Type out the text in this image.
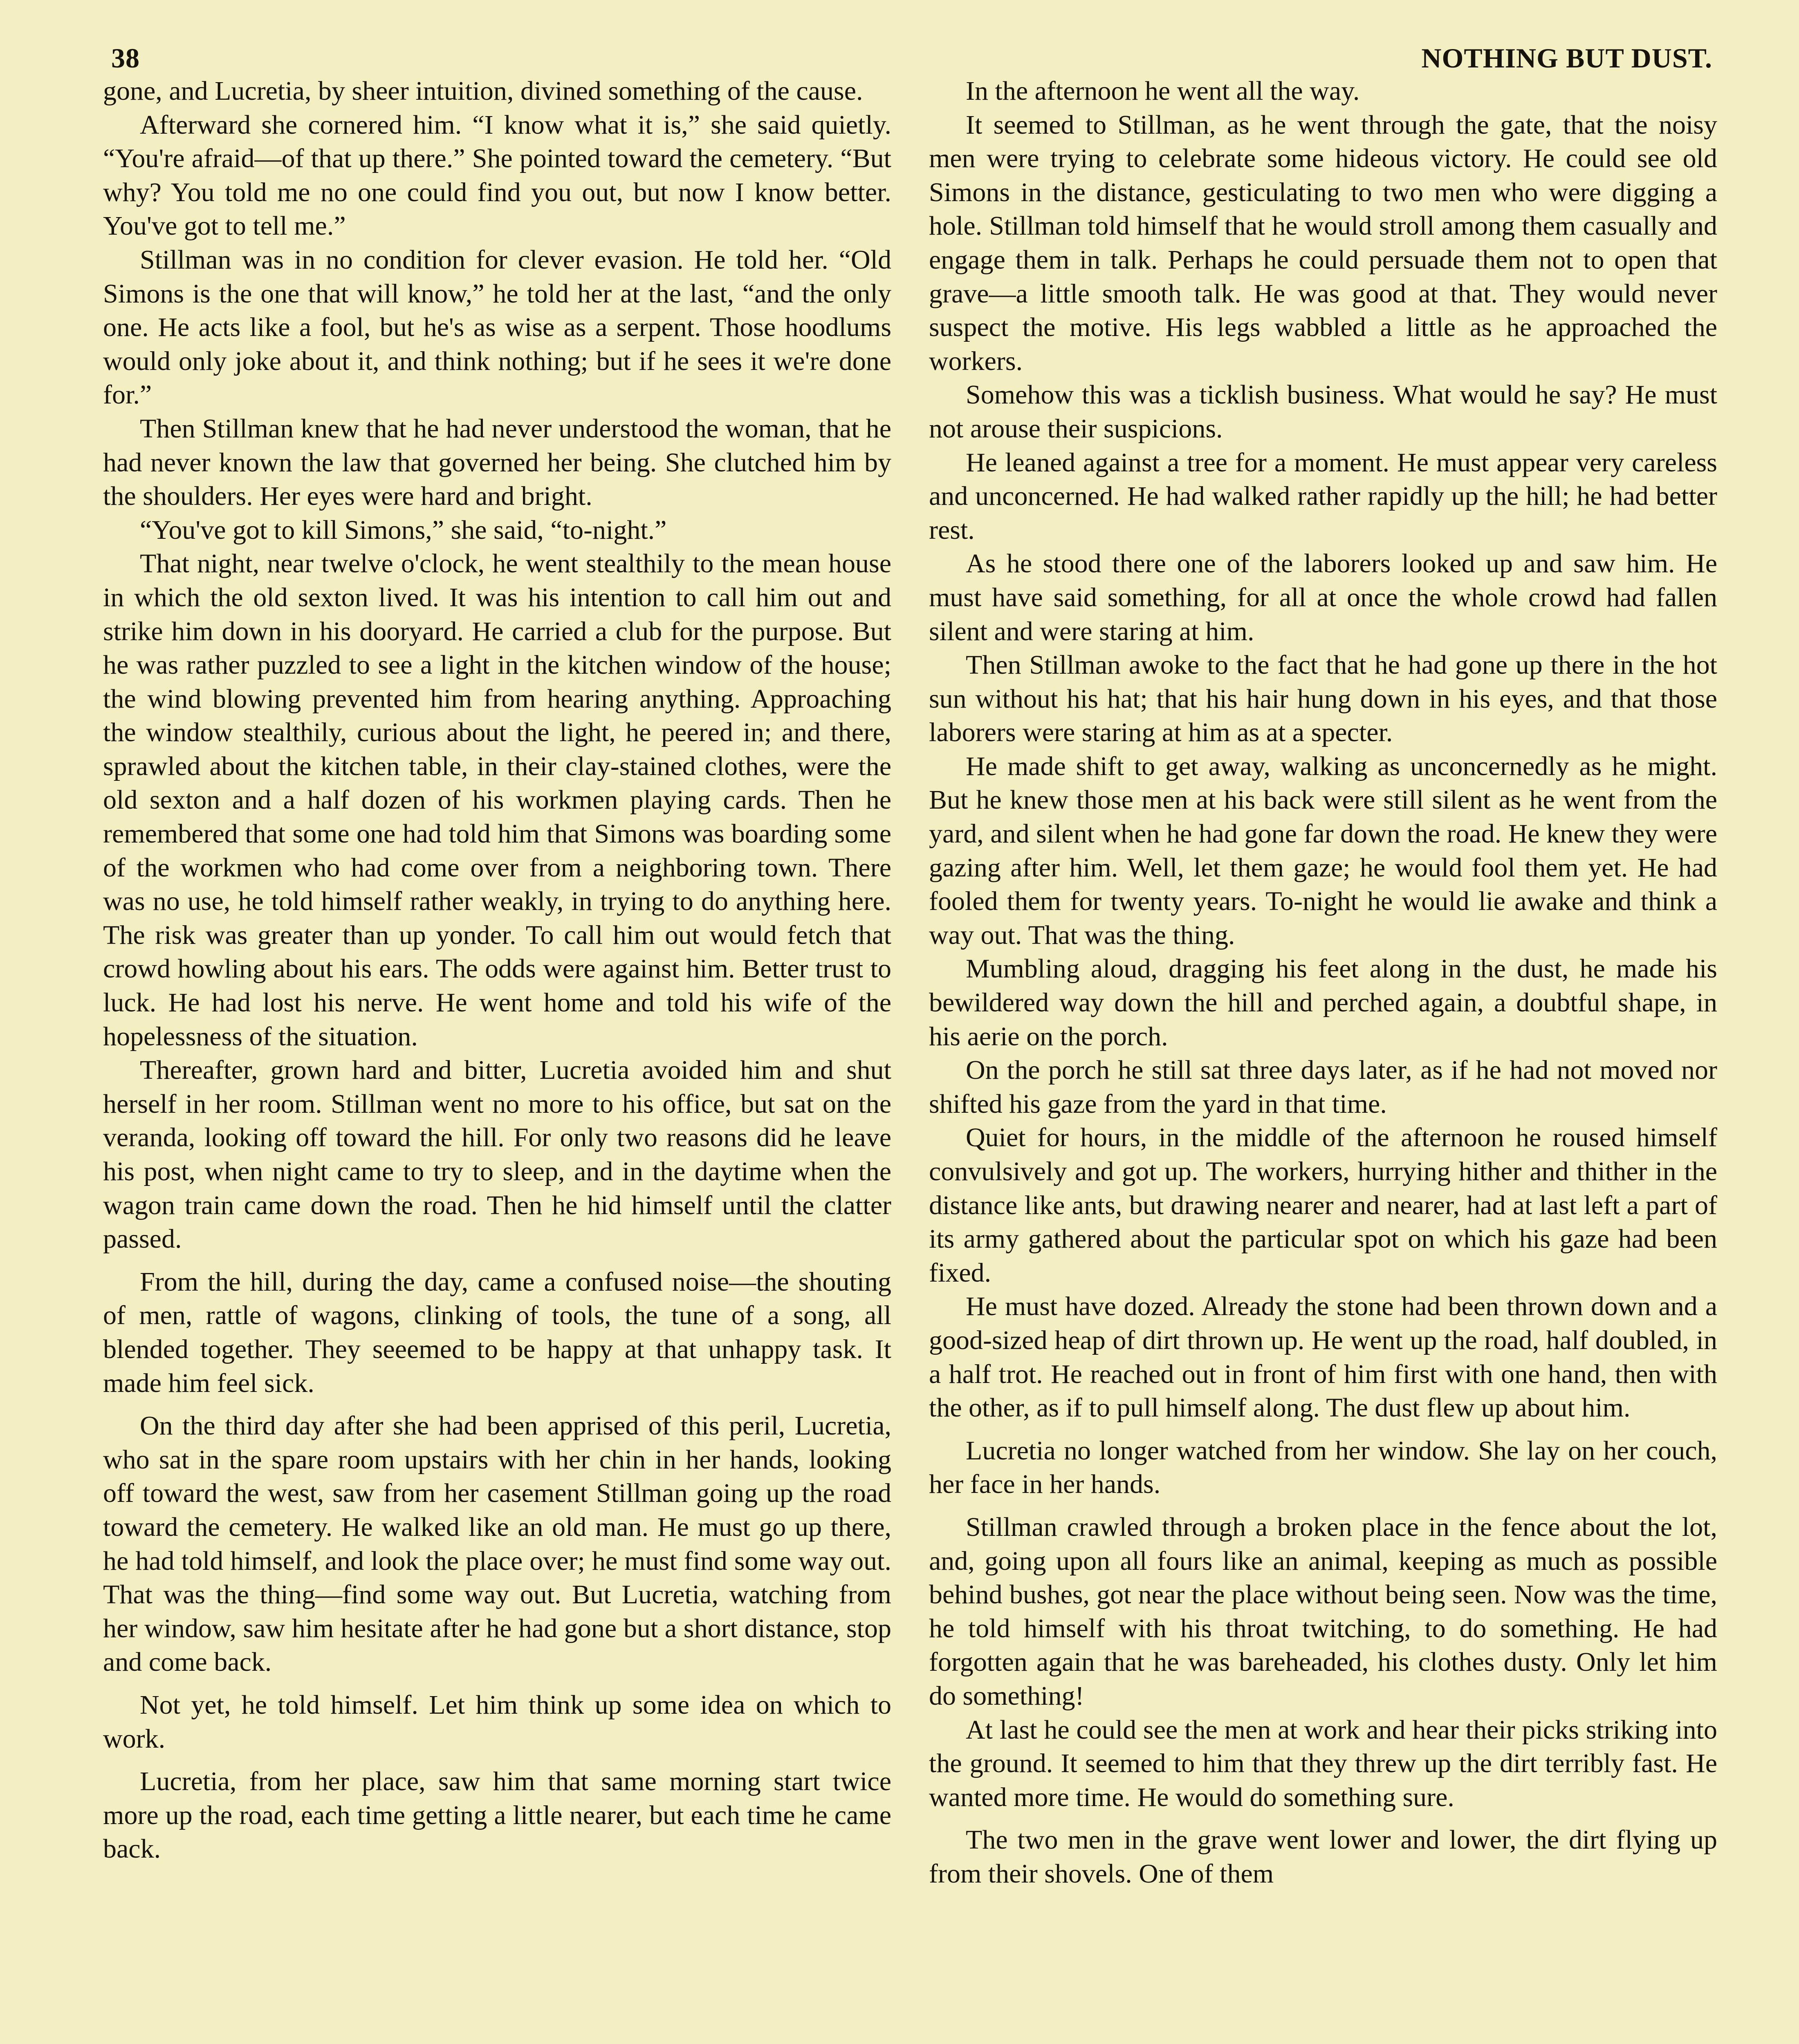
38	NOTHING BUT DUST.

gone, and Lucretia, by sheer intuition, divined something of the cause.

Afterward she cornered him. “I know what it is,” she said quietly. “You're afraid—of that up there.” She pointed toward the cemetery. “But why? You told me no one could find you out, but now I know better. You've got to tell me.”

Stillman was in no condition for clever evasion. He told her. “Old Simons is the one that will know,” he told her at the last, “and the only one. He acts like a fool, but he's as wise as a serpent. Those hoodlums would only joke about it, and think nothing; but if he sees it we're done for.”

Then Stillman knew that he had never understood the woman, that he had never known the law that governed her being. She clutched him by the shoulders. Her eyes were hard and bright.

“You've got to kill Simons,” she said, “to-night.”

That night, near twelve o'clock, he went stealthily to the mean house in which the old sexton lived. It was his intention to call him out and strike him down in his dooryard. He carried a club for the purpose. But he was rather puzzled to see a light in the kitchen window of the house; the wind blowing prevented him from hearing anything. Approaching the window stealthily, curious about the light, he peered in; and there, sprawled about the kitchen table, in their clay-stained clothes, were the old sexton and a half dozen of his workmen playing cards. Then he remembered that some one had told him that Simons was boarding some of the workmen who had come over from a neighboring town. There was no use, he told himself rather weakly, in trying to do anything here. The risk was greater than up yonder. To call him out would fetch that crowd howling about his ears. The odds were against him. Better trust to luck. He had lost his nerve. He went home and told his wife of the hopelessness of the situation.

Thereafter, grown hard and bitter, Lucretia avoided him and shut herself in her room. Stillman went no more to his office, but sat on the veranda, looking off toward the hill. For only two reasons did he leave his post, when night came to try to sleep, and in the daytime when the wagon train came down the road. Then he hid himself until the clatter passed.

From the hill, during the day, came a confused noise—the shouting of men, rattle of wagons, clinking of tools, the tune of a song, all blended together. They seeemed to be happy at that unhappy task. It made him feel sick.

On the third day after she had been apprised of this peril, Lucretia, who sat in the spare room upstairs with her chin in her hands, looking off toward the west, saw from her casement Stillman going up the road toward the cemetery. He walked like an old man. He must go up there, he had told himself, and look the place over; he must find some way out. That was the thing—find some way out. But Lucretia, watching from her window, saw him hesitate after he had gone but a short distance, stop and come back.

Not yet, he told himself. Let him think up some idea on which to work.

Lucretia, from her place, saw him that same morning start twice more up the road, each time getting a little nearer, but each time he came back.

In the afternoon he went all the way.

It seemed to Stillman, as he went through the gate, that the noisy men were trying to celebrate some hideous victory. He could see old Simons in the distance, gesticulating to two men who were digging a hole. Stillman told himself that he would stroll among them casually and engage them in talk. Perhaps he could persuade them not to open that grave—a little smooth talk. He was good at that. They would never suspect the motive. His legs wabbled a little as he approached the workers.

Somehow this was a ticklish business. What would he say? He must not arouse their suspicions.

He leaned against a tree for a moment. He must appear very careless and unconcerned. He had walked rather rapidly up the hill; he had better rest.

As he stood there one of the laborers looked up and saw him. He must have said something, for all at once the whole crowd had fallen silent and were staring at him.

Then Stillman awoke to the fact that he had gone up there in the hot sun without his hat; that his hair hung down in his eyes, and that those laborers were staring at him as at a specter.

He made shift to get away, walking as unconcernedly as he might. But he knew those men at his back were still silent as he went from the yard, and silent when he had gone far down the road. He knew they were gazing after him. Well, let them gaze; he would fool them yet. He had fooled them for twenty years. To-night he would lie awake and think a way out. That was the thing.

Mumbling aloud, dragging his feet along in the dust, he made his bewildered way down the hill and perched again, a doubtful shape, in his aerie on the porch.

On the porch he still sat three days later, as if he had not moved nor shifted his gaze from the yard in that time.

Quiet for hours, in the middle of the afternoon he roused himself convulsively and got up. The workers, hurrying hither and thither in the distance like ants, but drawing nearer and nearer, had at last left a part of its army gathered about the particular spot on which his gaze had been fixed.

He must have dozed. Already the stone had been thrown down and a good-sized heap of dirt thrown up. He went up the road, half doubled, in a half trot. He reached out in front of him first with one hand, then with the other, as if to pull himself along. The dust flew up about him.

Lucretia no longer watched from her window. She lay on her couch, her face in her hands.

Stillman crawled through a broken place in the fence about the lot, and, going upon all fours like an animal, keeping as much as possible behind bushes, got near the place without being seen. Now was the time, he told himself with his throat twitching, to do something. He had forgotten again that he was bareheaded, his clothes dusty. Only let him do something!

At last he could see the men at work and hear their picks striking into the ground. It seemed to him that they threw up the dirt terribly fast. He wanted more time. He would do something sure.

The two men in the grave went lower and lower, the dirt flying up from their shovels. One of them
